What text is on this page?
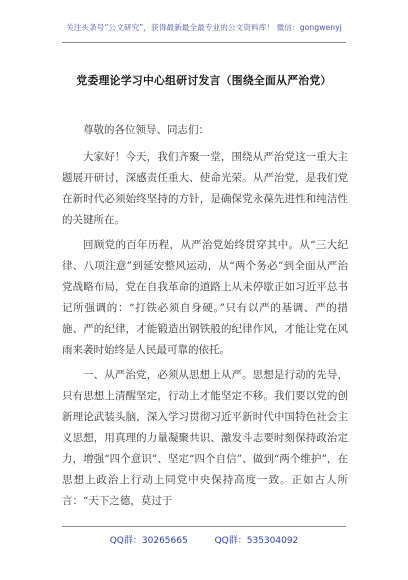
关注头条号“公文研究”，获得最新最全最专业的公文资料库！ 微信：gongwenyj
党委理论学习中心组研讨发言（围绕全面从严治党）

尊敬的各位领导、同志们：

大家好！今天，我们齐聚一堂，围绕从严治党这一重大主题展开研讨，深感责任重大、使命光荣。从严治党，是我们党在新时代必须始终坚持的方针，是确保党永葆先进性和纯洁性的关键所在。

回顾党的百年历程，从严治党始终贯穿其中。从“三大纪律、八项注意”到延安整风运动，从“两个务必”到全面从严治党战略布局，党在自我革命的道路上从未停歇正如习近平总书记所强调的：“打铁必须自身硬。”只有以严的基调、严的措施、严的纪律，才能锻造出钢铁般的纪律作风，才能让党在风雨来袭时始终是人民最可靠的依托。

一、从严治党，必须从思想上从严。思想是行动的先导，只有思想上清醒坚定，行动上才能坚定不移。我们要以党的创新理论武装头脑，深入学习贯彻习近平新时代中国特色社会主义思想，用真理的力量凝聚共识、激发斗志要时刻保持政治定力，增强“四个意识”、坚定“四个自信”、做到“两个维护”，在思想上政治上行动上同党中央保持高度一致。正如古人所言：“天下之德，莫过于

QQ群：30265665	QQ群：535304092
